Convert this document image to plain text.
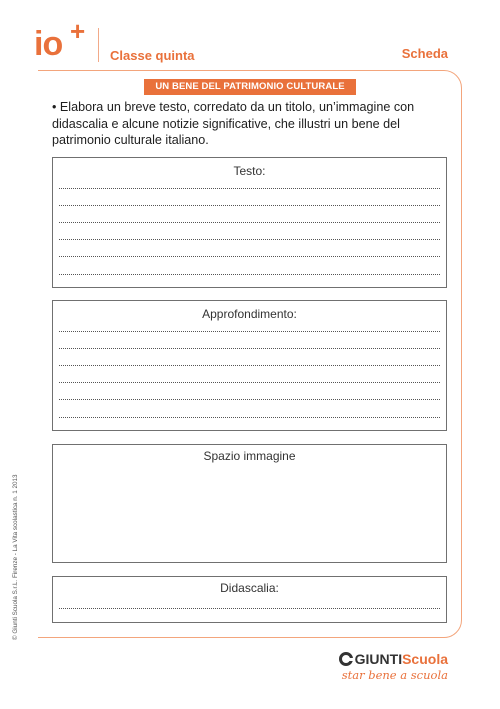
io +
Classe quinta	Scheda
UN BENE DEL PATRIMONIO CULTURALE
• Elabora un breve testo, corredato da un titolo, un’immagine con didascalia e alcune notizie significative, che illustri un bene del patrimonio culturale italiano.
Testo:
Approfondimento:
Spazio immagine
Didascalia:
© Giunti Scuola S.r.L. Firenze - La Vita scolastica n. 1 2013
GIUNTIScuola
star bene a scuola
